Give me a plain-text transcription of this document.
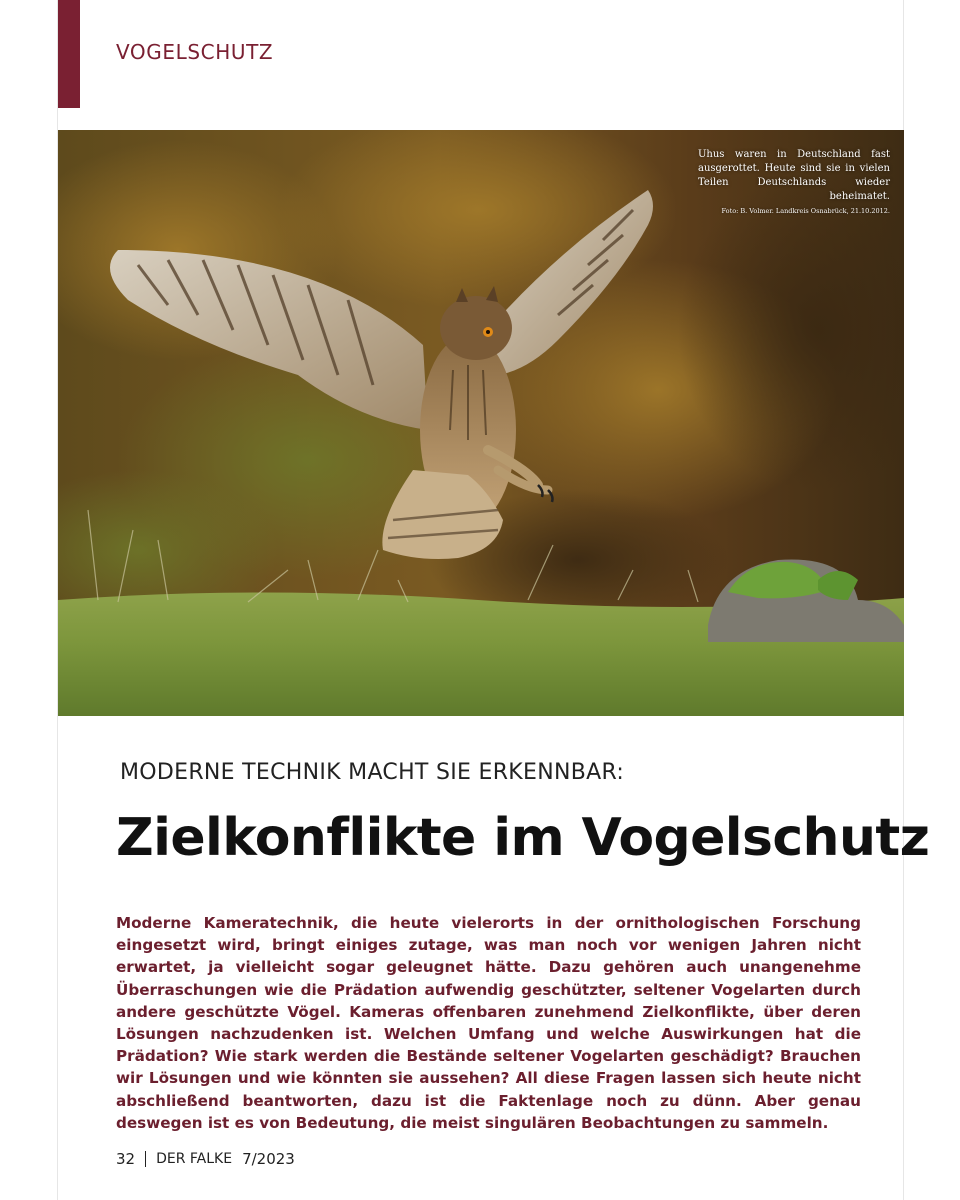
VOGELSCHUTZ
Uhus waren in Deutschland fast ausgerottet. Heute sind sie in vielen Teilen Deutschlands wieder beheimatet.
Foto: B. Volmer. Landkreis Osnabrück, 21.10.2012.
MODERNE TECHNIK MACHT SIE ERKENNBAR:
Zielkonflikte im Vogelschutz
Moderne Kameratechnik, die heute vielerorts in der ornithologischen Forschung eingesetzt wird, bringt einiges zutage, was man noch vor wenigen Jahren nicht erwartet, ja vielleicht sogar geleugnet hätte. Dazu gehören auch unangenehme Überraschungen wie die Prädation aufwendig geschützter, seltener Vogelarten durch andere geschützte Vögel. Kameras offenbaren zunehmend Zielkonflikte, über deren Lösungen nachzudenken ist. Welchen Umfang und welche Auswirkungen hat die Prädation? Wie stark werden die Bestände seltener Vogelarten geschädigt? Brauchen wir Lösungen und wie könnten sie aussehen? All diese Fragen lassen sich heute nicht abschließend beantworten, dazu ist die Faktenlage noch zu dünn. Aber genau deswegen ist es von Bedeutung, die meist singulären Beobachtungen zu sammeln.
32 DER FALKE 7/2023
